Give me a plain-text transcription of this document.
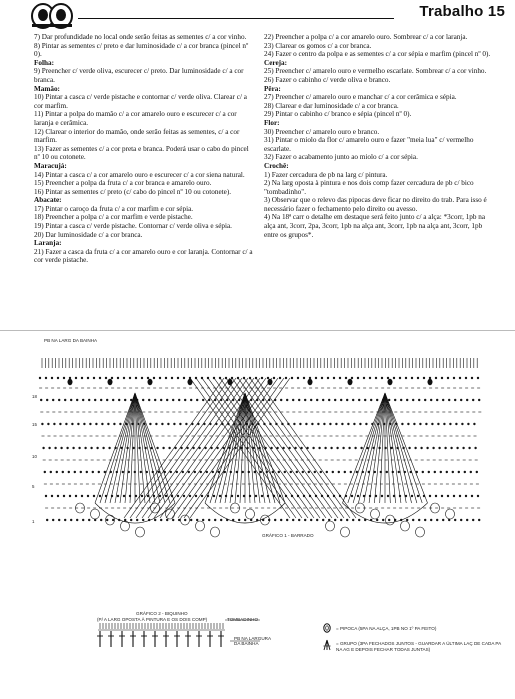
Trabalho 15

7) Dar profundidade no local onde serão feitas as sementes c/ a cor vinho.

8) Pintar as sementes c/ preto e dar luminosidade c/ a cor branca (pincel nº 0).

Folha:

9) Preencher c/ verde oliva, escurecer c/ preto. Dar luminosidade c/ a cor branca.

Mamão:

10) Pintar a casca c/ verde pistache e contornar c/ verde oliva. Clarear c/ a cor marfim.

11) Pintar a polpa do mamão c/ a cor amarelo ouro e escurecer c/ a cor laranja e cerâmica.

12) Clarear o interior do mamão, onde serão feitas as sementes, c/ a cor marfim.

13) Fazer as sementes c/ a cor preta e branca. Poderá usar o cabo do pincel nº 10 ou cotonete.

Maracujá:

14) Pintar a casca c/ a cor amarelo ouro e escurecer c/ a cor siena natural.

15) Preencher a polpa da fruta c/ a cor branca e amarelo ouro.

16) Pintar as sementes c/ preto (c/ cabo do pincel nº 10 ou cotonete).

Abacate:

17) Pintar o caroço da fruta c/ a cor marfim e cor sépia.

18) Preencher a polpa c/ a cor marfim e verde pistache.

19) Pintar a casca c/ verde pistache. Contornar c/ verde oliva e sépia.

20) Dar luminosidade c/ a cor branca.

Laranja:

21) Fazer a casca da fruta c/ a cor amarelo ouro e cor laranja. Contornar c/ a cor verde pistache.

22) Preencher a polpa c/ a cor amarelo ouro. Sombrear c/ a cor laranja.

23) Clarear os gomos c/ a cor branca.

24) Fazer o centro da polpa e as sementes c/ a cor sépia e marfim (pincel nº 0).

Cereja:

25) Preencher c/ amarelo ouro e vermelho escarlate. Sombrear c/ a cor vinho.

26) Fazer o cabinho c/ verde oliva e branco.

Pêra:

27) Preencher c/ amarelo ouro e manchar c/ a cor cerâmica e sépia.

28) Clarear e dar luminosidade c/ a cor branca.

29) Pintar o cabinho c/ branco e sépia (pincel nº 0).

Flor:

30) Preencher c/ amarelo ouro e branco.

31) Pintar o miolo da flor c/ amarelo ouro e fazer "meia lua" c/ vermelho escarlate.

32) Fazer o acabamento junto ao miolo c/ a cor sépia.

Crochê:

1) Fazer cercadura de pb na larg c/ pintura.

2) Na larg oposta à pintura e nos dois comp fazer cercadura de pb c/ bico "tombadinho".

3) Observar que o relevo das pipocas deve ficar no direito do trab. Para isso é necessário fazer o fechamento pelo direito ou avesso.

4) Na 18ª carr o detalhe em destaque será feito junto c/ a alça: *3corr, 1pb na alça ant, 3corr, 2pa, 3corr, 1pb na alça ant, 3corr, 1pb na alça ant, 3corr, 1pb entre os grupos*.

18
15
10
5
1
PB NA LARG DA BAINHA
GRÁFICO 1 - BARRADO
GRÁFICO 2 - BIQUINHO
(P/ A LARG OPOSTA À PINTURA E OS DOIS COMP)	TOMBADINHO
PB NA LARGURA DA BAINHA
= PIPOCA (5PA NA ALÇA, 1PB NO 1º PA FEITO)
= GRUPO (3PA FECHADOS JUNTOS - GUARDAR A ÚLTIMA LAÇ DE CADA PA NA AG E DEPOIS FECHAR TODAS JUNTAS)
